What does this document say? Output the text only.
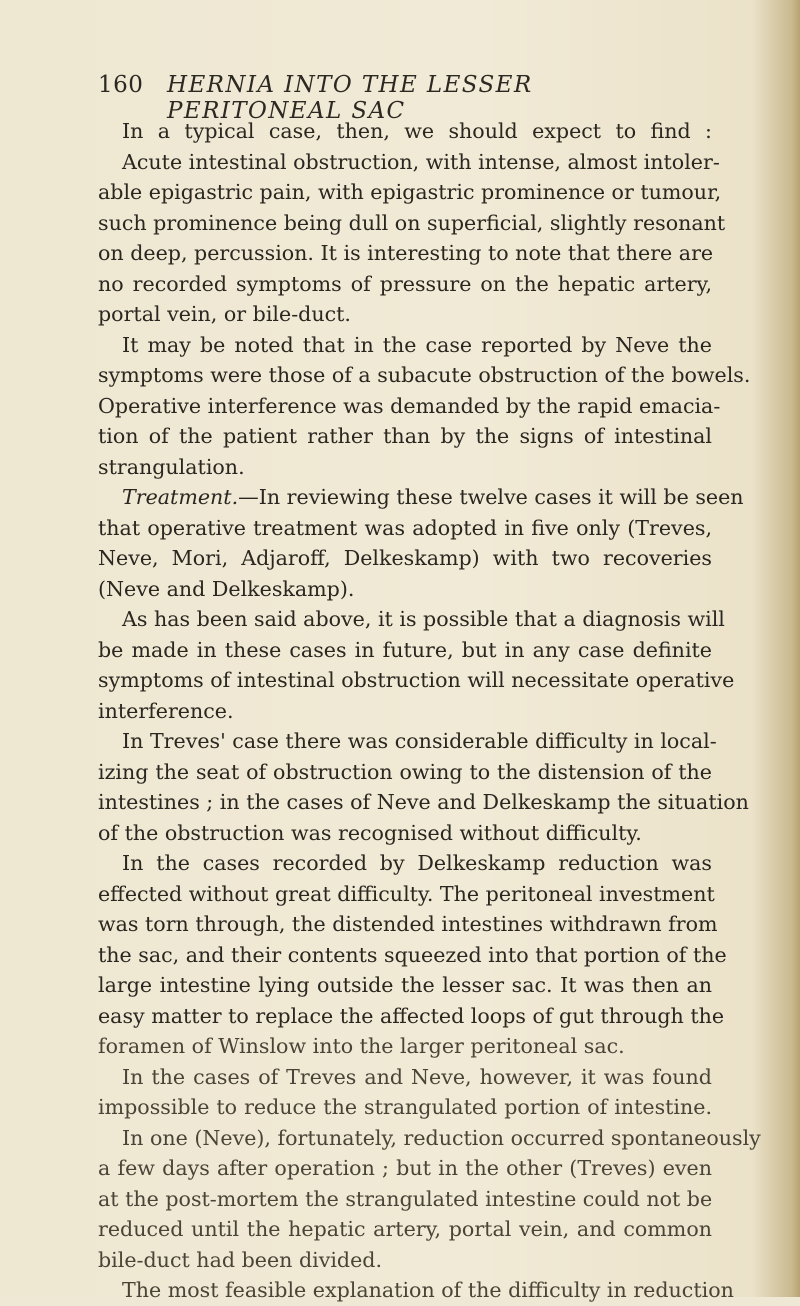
160 HERNIA INTO THE LESSER PERITONEAL SAC
In a typical case, then, we should expect to find :
Acute intestinal obstruction, with intense, almost intoler-
able epigastric pain, with epigastric prominence or tumour,
such prominence being dull on superficial, slightly resonant
on deep, percussion. It is interesting to note that there are
no recorded symptoms of pressure on the hepatic artery,
portal vein, or bile-duct.
It may be noted that in the case reported by Neve the
symptoms were those of a subacute obstruction of the bowels.
Operative interference was demanded by the rapid emacia-
tion of the patient rather than by the signs of intestinal
strangulation.
Treatment.—In reviewing these twelve cases it will be seen
that operative treatment was adopted in five only (Treves,
Neve, Mori, Adjaroff, Delkeskamp) with two recoveries
(Neve and Delkeskamp).
As has been said above, it is possible that a diagnosis will
be made in these cases in future, but in any case definite
symptoms of intestinal obstruction will necessitate operative
interference.
In Treves' case there was considerable difficulty in local-
izing the seat of obstruction owing to the distension of the
intestines ; in the cases of Neve and Delkeskamp the situation
of the obstruction was recognised without difficulty.
In the cases recorded by Delkeskamp reduction was
effected without great difficulty. The peritoneal investment
was torn through, the distended intestines withdrawn from
the sac, and their contents squeezed into that portion of the
large intestine lying outside the lesser sac. It was then an
easy matter to replace the affected loops of gut through the
foramen of Winslow into the larger peritoneal sac.
In the cases of Treves and Neve, however, it was found
impossible to reduce the strangulated portion of intestine.
In one (Neve), fortunately, reduction occurred spontaneously
a few days after operation ; but in the other (Treves) even
at the post-mortem the strangulated intestine could not be
reduced until the hepatic artery, portal vein, and common
bile-duct had been divided.
The most feasible explanation of the difficulty in reduction
